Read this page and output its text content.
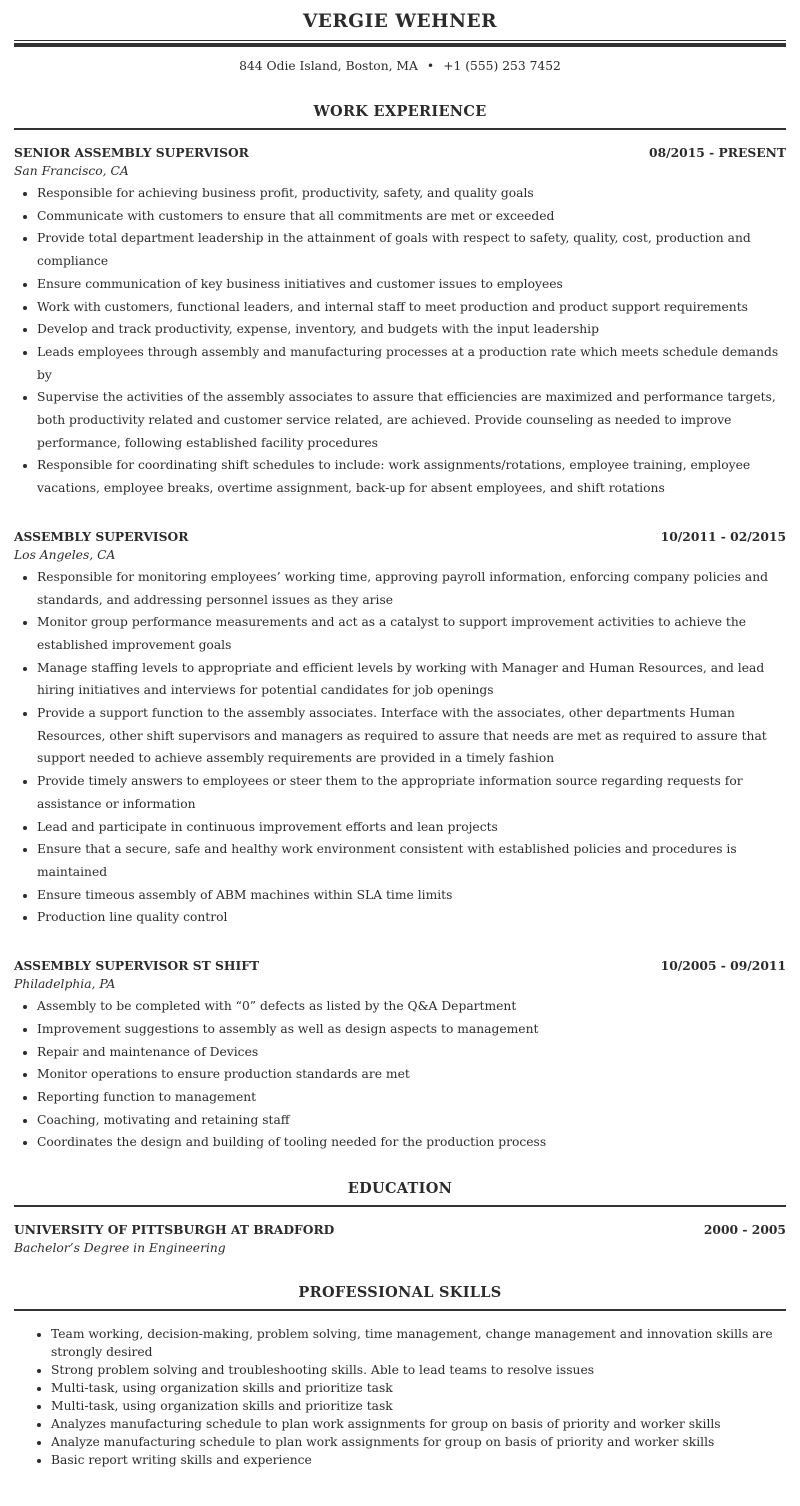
VERGIE WEHNER
844 Odie Island, Boston, MA • +1 (555) 253 7452
WORK EXPERIENCE
SENIOR ASSEMBLY SUPERVISOR	08/2015 - PRESENT
San Francisco, CA
• Responsible for achieving business profit, productivity, safety, and quality goals
• Communicate with customers to ensure that all commitments are met or exceeded
• Provide total department leadership in the attainment of goals with respect to safety, quality, cost, production and compliance
• Ensure communication of key business initiatives and customer issues to employees
• Work with customers, functional leaders, and internal staff to meet production and product support requirements
• Develop and track productivity, expense, inventory, and budgets with the input leadership
• Leads employees through assembly and manufacturing processes at a production rate which meets schedule demands by
• Supervise the activities of the assembly associates to assure that efficiencies are maximized and performance targets, both productivity related and customer service related, are achieved. Provide counseling as needed to improve performance, following established facility procedures
• Responsible for coordinating shift schedules to include: work assignments/rotations, employee training, employee vacations, employee breaks, overtime assignment, back-up for absent employees, and shift rotations
ASSEMBLY SUPERVISOR	10/2011 - 02/2015
Los Angeles, CA
• Responsible for monitoring employees’ working time, approving payroll information, enforcing company policies and standards, and addressing personnel issues as they arise
• Monitor group performance measurements and act as a catalyst to support improvement activities to achieve the established improvement goals
• Manage staffing levels to appropriate and efficient levels by working with Manager and Human Resources, and lead hiring initiatives and interviews for potential candidates for job openings
• Provide a support function to the assembly associates. Interface with the associates, other departments Human Resources, other shift supervisors and managers as required to assure that needs are met as required to assure that support needed to achieve assembly requirements are provided in a timely fashion
• Provide timely answers to employees or steer them to the appropriate information source regarding requests for assistance or information
• Lead and participate in continuous improvement efforts and lean projects
• Ensure that a secure, safe and healthy work environment consistent with established policies and procedures is maintained
• Ensure timeous assembly of ABM machines within SLA time limits
• Production line quality control
ASSEMBLY SUPERVISOR ST SHIFT	10/2005 - 09/2011
Philadelphia, PA
• Assembly to be completed with “0” defects as listed by the Q&A Department
• Improvement suggestions to assembly as well as design aspects to management
• Repair and maintenance of Devices
• Monitor operations to ensure production standards are met
• Reporting function to management
• Coaching, motivating and retaining staff
• Coordinates the design and building of tooling needed for the production process
EDUCATION
UNIVERSITY OF PITTSBURGH AT BRADFORD	2000 - 2005
Bachelor’s Degree in Engineering
PROFESSIONAL SKILLS
• Team working, decision-making, problem solving, time management, change management and innovation skills are strongly desired
• Strong problem solving and troubleshooting skills. Able to lead teams to resolve issues
• Multi-task, using organization skills and prioritize task
• Multi-task, using organization skills and prioritize task
• Analyzes manufacturing schedule to plan work assignments for group on basis of priority and worker skills
• Analyze manufacturing schedule to plan work assignments for group on basis of priority and worker skills
• Basic report writing skills and experience
